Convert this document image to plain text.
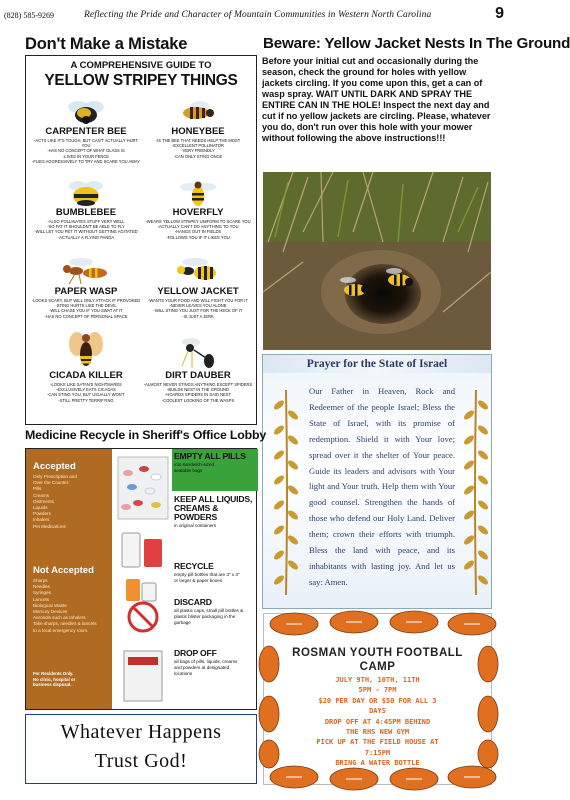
(828) 585-9269	Reflecting the Pride and Character of Mountain Communities in Western North Carolina	9
Don't Make a Mistake
A COMPREHENSIVE GUIDE TO
YELLOW STRIPEY THINGS
CARPENTER BEE
-ACTS LIKE IT'S TOUGH, BUT CAN'T ACTUALLY HURT YOU
-HAS NO CONCEPT OF WHAT GLASS IS
-LIVES IN YOUR FENCE
-FLIES AGGRESSIVELY TO TRY AND SCARE YOU AWAY
HONEYBEE
-IS THE BEE THAT NEEDS HELP THE MOST
-EXCELLENT POLLINATOR
-VERY FRIENDLY
-CAN ONLY STING ONCE
BUMBLEBEE
-ALSO POLLINATES STUFF VERY WELL
-SO FAT IT SHOULDN'T BE ABLE TO FLY
-WILL LET YOU PET IT WITHOUT GETTING AGITATED
-ACTUALLY A FLYING PANDA
HOVERFLY
-WEARS YELLOW STRIPEY UNIFORM TO SCARE YOU
-ACTUALLY CAN'T DO ANYTHING TO YOU
-HANGS OUT IN FIELDS
-FOLLOWS YOU IF IT LIKES YOU
PAPER WASP
-LOOKS SCARY, BUT WILL ONLY ATTACK IF PROVOKED
-STING HURTS LIKE THE DEVIL
-WILL CHASE YOU IF YOU SWAT AT IT
-HAS NO CONCEPT OF PERSONAL SPACE
YELLOW JACKET
-WANTS YOUR FOOD AND WILL FIGHT YOU FOR IT
-NEVER LEAVES YOU ALONE
-WILL STING YOU JUST FOR THE HECK OF IT
-IS JUST A JERK
CICADA KILLER
-LOOKS LIKE SATAN'S NIGHTMARES
-EXCLUSIVELY EATS CICADAS
-CAN STING YOU, BUT USUALLY WON'T
-STILL PRETTY TERRIFYING
DIRT DAUBER
-ALMOST NEVER STINGS ANYTHING EXCEPT SPIDERS
-BUILDS NEST IN THE GROUND
-HOARDS SPIDERS IN SAID NEST
-COOLEST LOOKING OF THE WASPS
Beware: Yellow Jacket Nests In The Ground
Before your initial cut and occasionally during the season, check the ground for holes with yellow jackets circling. If you come upon this, get a can of wasp spray. WAIT UNTIL DARK AND SPRAY THE ENTIRE CAN IN THE HOLE! Inspect the next day and cut if no yellow jackets are circling. Please, whatever you do, don't run over this hole with your mower without following the above instructions!!!
Prayer for the State of Israel
Our Father in Heaven, Rock and Redeemer of the people Israel; Bless the State of Israel, with its promise of redemption. Shield it with Your love; spread over it the shelter of Your peace. Guide its leaders and advisors with Your light and Your truth. Help them with Your good counsel. Strengthen the hands of those who defend our Holy Land. Deliver them; crown their efforts with triumph. Bless the land with peace, and its inhabitants with lasting joy. And let us say: Amen.
Medicine Recycle in Sheriff's Office Lobby
Accepted
Only Prescription and
Over the Counter:
Pills
Creams
Ointments
Liquids
Powders
Inhalers
Pet Medications
Not Accepted
Sharps
Needles
Syringes
Lancets
Biological Waste
Mercury Devices
Aerosols such as Inhalers
Take sharps, needles & lancets
to a local emergency room.
For Residents Only.
No clinic, hospital or
business disposal.
EMPTY ALL PILLS
into sandwich-sized
sealable bags
KEEP ALL LIQUIDS,
CREAMS & POWDERS
in original containers
RECYCLE
empty pill bottles that are 3" x 3"
or larger & paper boxes
DISCARD
all plastic caps, small pill bottles &
plastic blister packaging in the
garbage
DROP OFF
all bags of pills, liquids, creams
and powders at designated
locations
Whatever Happens
Trust God!
ROSMAN YOUTH FOOTBALL
CAMP
JULY 9TH, 10TH, 11TH
5PM - 7PM
$20 PER DAY OR $50 FOR ALL 3
DAYS
DROP OFF AT 4:45PM BEHIND
THE RHS NEW GYM
PICK UP AT THE FIELD HOUSE AT
7:15PM
BRING A WATER BOTTLE
